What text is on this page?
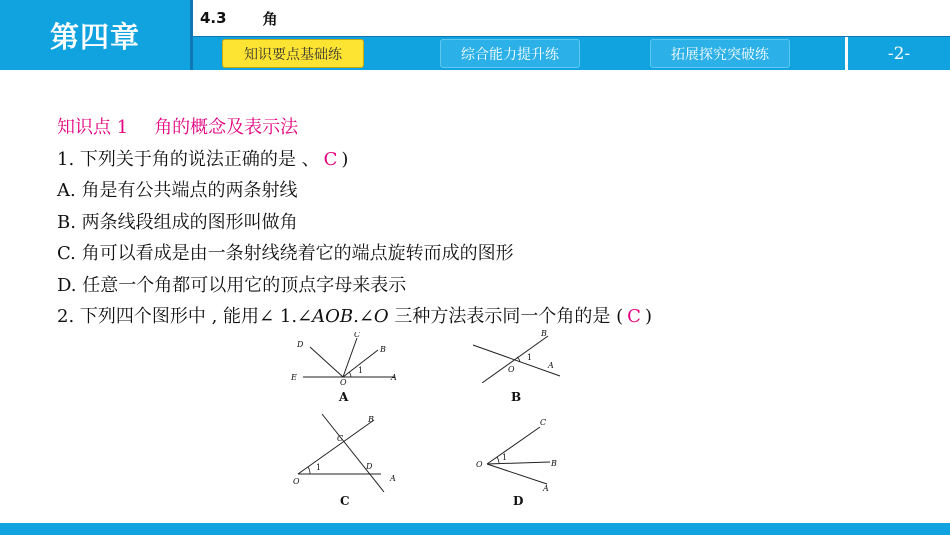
第四章
4.3 角
知识要点基础练	综合能力提升练	拓展探究突破练	-2-
知识点 1 角的概念及表示法
1. 下列关于角的说法正确的是 、 C )
A. 角是有公共端点的两条射线
B. 两条线段组成的图形叫做角
C. 角可以看成是由一条射线绕着它的端点旋转而成的图形
D. 任意一个角都可以用它的顶点字母来表示
2. 下列四个图形中 , 能用∠ 1.∠AOB.∠O 三种方法表示同一个角的是 ( C )
D
C
B
E
O
A
1
A
B
O	A
1
B
B
C
D
O	A
1
C
C
O	B
A
1
D
